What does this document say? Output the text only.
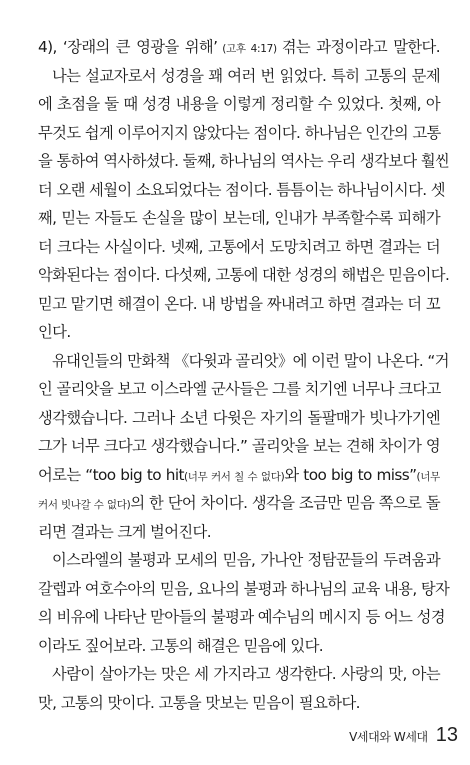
4), ‘장래의 큰 영광을 위해’ (고후 4:17) 겪는 과정이라고 말한다.
나는 설교자로서 성경을 꽤 여러 번 읽었다. 특히 고통의 문제
에 초점을 둘 때 성경 내용을 이렇게 정리할 수 있었다. 첫째, 아
무것도 쉽게 이루어지지 않았다는 점이다. 하나님은 인간의 고통
을 통하여 역사하셨다. 둘째, 하나님의 역사는 우리 생각보다 훨씬
더 오랜 세월이 소요되었다는 점이다. 틈틈이는 하나님이시다. 셋
째, 믿는 자들도 손실을 많이 보는데, 인내가 부족할수록 피해가
더 크다는 사실이다. 넷째, 고통에서 도망치려고 하면 결과는 더
악화된다는 점이다. 다섯째, 고통에 대한 성경의 해법은 믿음이다.
믿고 맡기면 해결이 온다. 내 방법을 짜내려고 하면 결과는 더 꼬
인다.
유대인들의 만화책 《다윗과 골리앗》에 이런 말이 나온다. “거
인 골리앗을 보고 이스라엘 군사들은 그를 치기엔 너무나 크다고
생각했습니다. 그러나 소년 다윗은 자기의 돌팔매가 빗나가기엔
그가 너무 크다고 생각했습니다.” 골리앗을 보는 견해 차이가 영
어로는 “too big to hit(너무 커서 칠 수 없다)와 too big to miss”(너무
커서 빗나갈 수 없다)의 한 단어 차이다. 생각을 조금만 믿음 쪽으로 돌
리면 결과는 크게 벌어진다.
이스라엘의 불평과 모세의 믿음, 가나안 정탐꾼들의 두려움과
갈렙과 여호수아의 믿음, 요나의 불평과 하나님의 교육 내용, 탕자
의 비유에 나타난 맏아들의 불평과 예수님의 메시지 등 어느 성경
이라도 짚어보라. 고통의 해결은 믿음에 있다.
사람이 살아가는 맛은 세 가지라고 생각한다. 사랑의 맛, 아는
맛, 고통의 맛이다. 고통을 맛보는 믿음이 필요하다.
V세대와 W세대 13
